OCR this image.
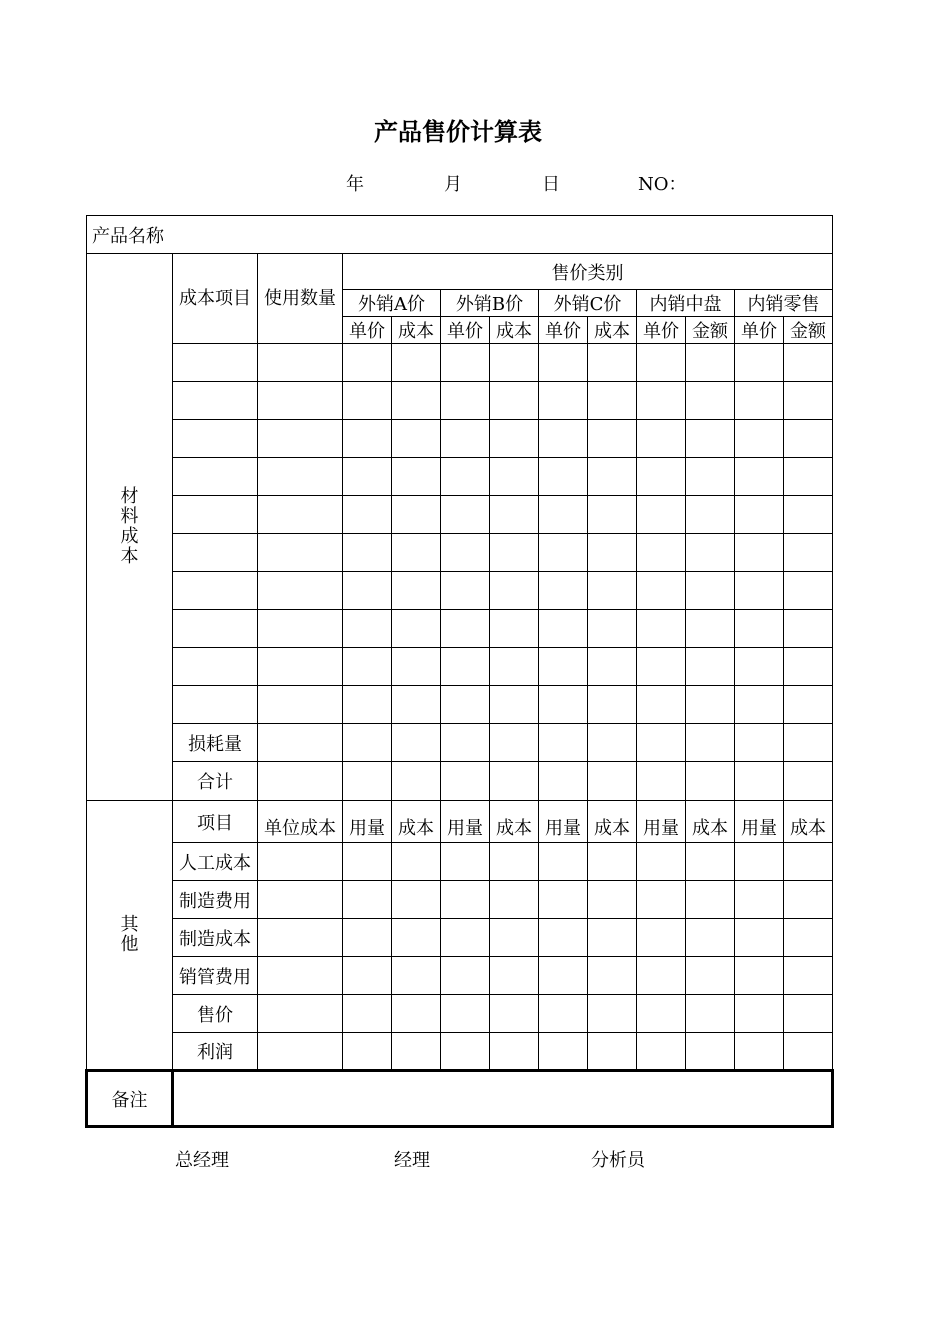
产品售价计算表
年	月	日	NO：
产品名称												

材
料
成
本	成本项目	使用数量	售价类别									
			外销A价		外销B价		外销C价		内销中盘		内销零售	
			单价	成本	单价	成本	单价	成本	单价	金额	单价	金额

	损耗量											
	合计											

其
他	项目	单位成本	用量	成本	用量	成本	用量	成本	用量	成本	用量	成本
	人工成本											
	制造费用											
	制造成本											
	销管费用											
	售价											
	利润											
备注												
总经理	经理	分析员
